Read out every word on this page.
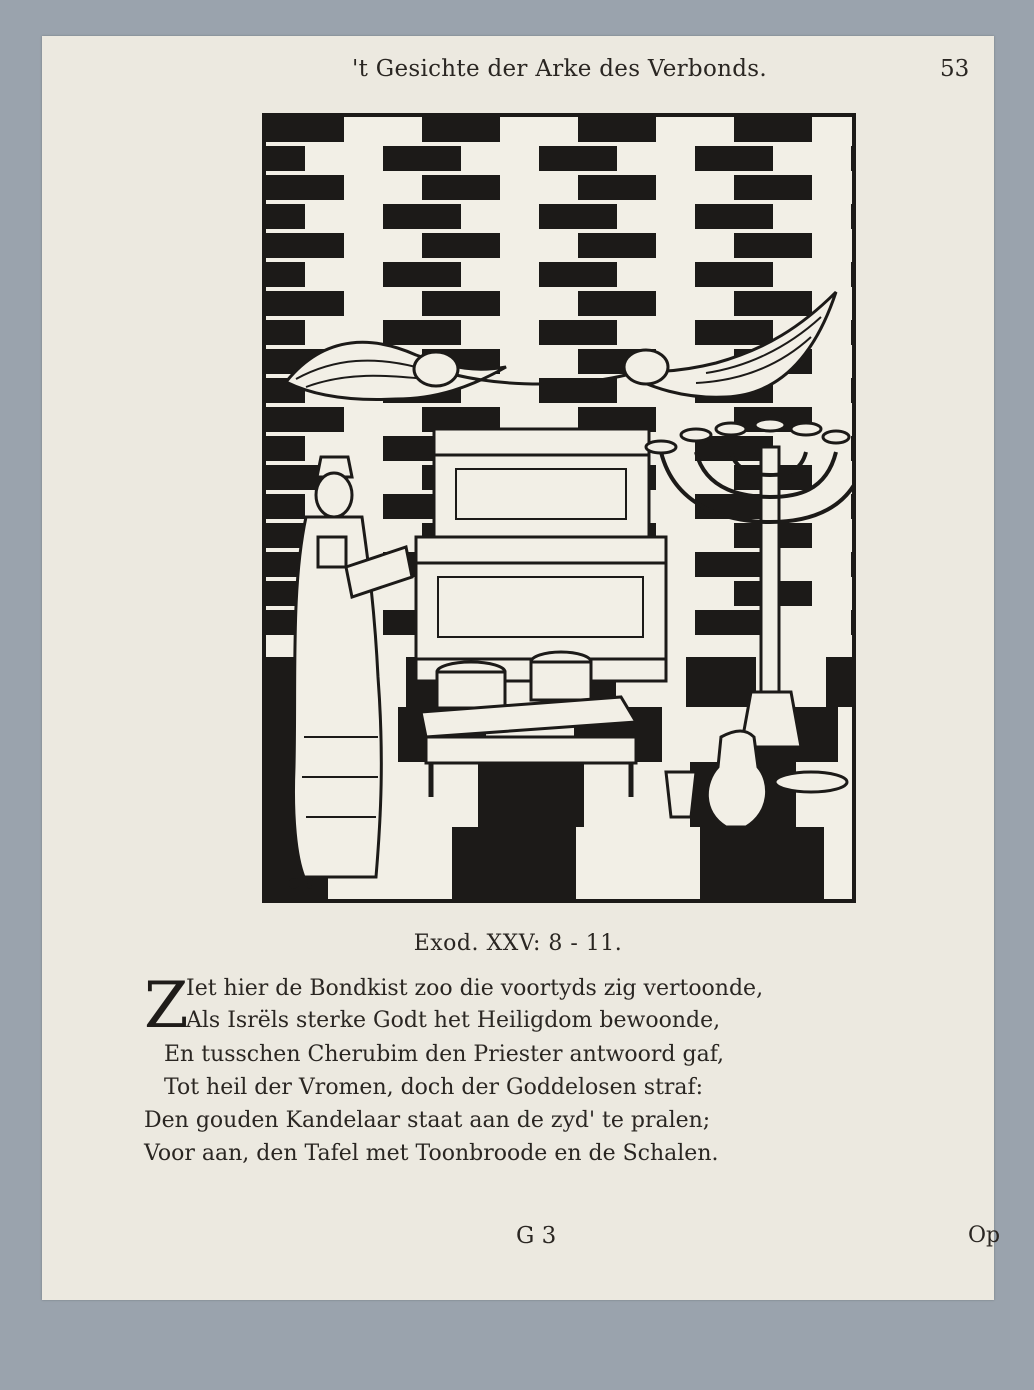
't Gesichte der Arke des Verbonds.	53
C S
Exod. XXV: 8 - 11.
Z
Iet hier de Bondkist zoo die voortyds zig vertoonde,
Als Isrëls sterke Godt het Heiligdom bewoonde,
En tusschen Cherubim den Priester antwoord gaf,
Tot heil der Vromen, doch der Goddelosen straf:
Den gouden Kandelaar staat aan de zyd' te pralen;
Voor aan, den Tafel met Toonbroode en de Schalen.
G 3	Op
